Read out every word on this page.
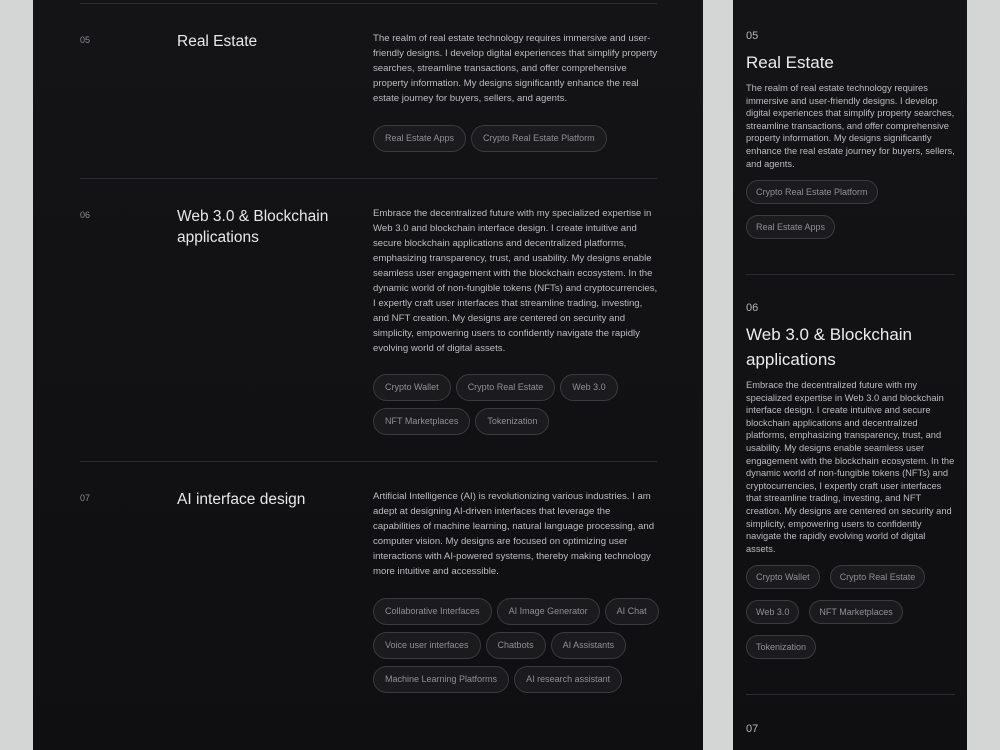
05	Real Estate	The realm of real estate technology requires immersive and user-friendly designs. I develop digital experiences that simplify property searches, streamline transactions, and offer comprehensive property information. My designs significantly enhance the real estate journey for buyers, sellers, and agents.
Real Estate Apps	Crypto Real Estate Platform
06	Web 3.0 & Blockchain applications
Embrace the decentralized future with my specialized expertise in Web 3.0 and blockchain interface design. I create intuitive and secure blockchain applications and decentralized platforms, emphasizing transparency, trust, and usability. My designs enable seamless user engagement with the blockchain ecosystem. In the dynamic world of non-fungible tokens (NFTs) and cryptocurrencies, I expertly craft user interfaces that streamline trading, investing, and NFT creation. My designs are centered on security and simplicity, empowering users to confidently navigate the rapidly evolving world of digital assets.
Crypto Wallet	Crypto Real Estate	Web 3.0
NFT Marketplaces	Tokenization
07	AI interface design	Artificial Intelligence (AI) is revolutionizing various industries. I am adept at designing AI-driven interfaces that leverage the capabilities of machine learning, natural language processing, and computer vision. My designs are focused on optimizing user interactions with AI-powered systems, thereby making technology more intuitive and accessible.
Collaborative Interfaces	AI Image Generator	AI Chat
Voice user interfaces	Chatbots	AI Assistants
Machine Learning Platforms	AI research assistant
05
Real Estate
The realm of real estate technology requires immersive and user-friendly designs. I develop digital experiences that simplify property searches, streamline transactions, and offer comprehensive property information. My designs significantly enhance the real estate journey for buyers, sellers, and agents.
Crypto Real Estate Platform
Real Estate Apps
06
Web 3.0 & Blockchain applications
Embrace the decentralized future with my specialized expertise in Web 3.0 and blockchain interface design. I create intuitive and secure blockchain applications and decentralized platforms, emphasizing transparency, trust, and usability. My designs enable seamless user engagement with the blockchain ecosystem. In the dynamic world of non-fungible tokens (NFTs) and cryptocurrencies, I expertly craft user interfaces that streamline trading, investing, and NFT creation. My designs are centered on security and simplicity, empowering users to confidently navigate the rapidly evolving world of digital assets.
Crypto Wallet	Crypto Real Estate
Web 3.0	NFT Marketplaces
Tokenization
07
